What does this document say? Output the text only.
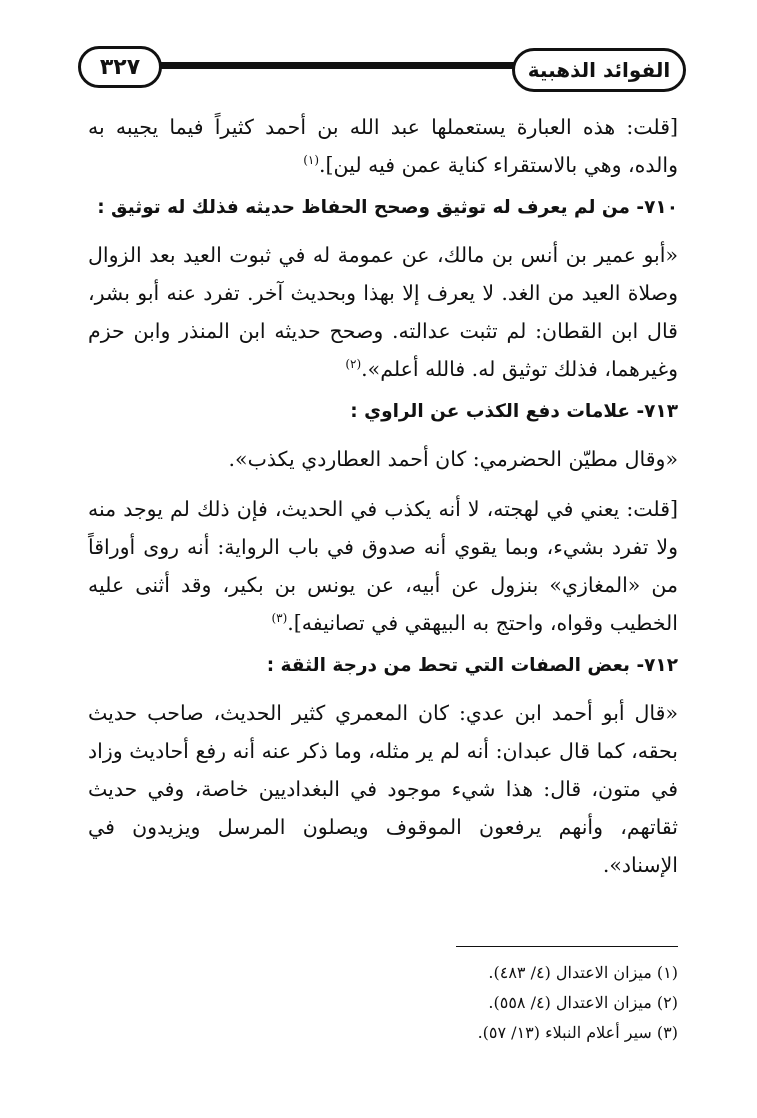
٣٢٧	الفوائد الذهبية

[قلت: هذه العبارة يستعملها عبد الله بن أحمد كثيراً فيما يجيبه به والده، وهي بالاستقراء كناية عمن فيه لين].$^{(١)}$

٧١٠- من لم يعرف له توثيق وصحح الحفاظ حديثه فذلك له توثيق :

«أبو عمير بن أنس بن مالك، عن عمومة له في ثبوت العيد بعد الزوال وصلاة العيد من الغد. لا يعرف إلا بهذا وبحديث آخر. تفرد عنه أبو بشر، قال ابن القطان: لم تثبت عدالته. وصحح حديثه ابن المنذر وابن حزم وغيرهما، فذلك توثيق له. فالله أعلم».$^{(٢)}$

٧١٣- علامات دفع الكذب عن الراوي :

«وقال مطيّن الحضرمي: كان أحمد العطاردي يكذب».

[قلت: يعني في لهجته، لا أنه يكذب في الحديث، فإن ذلك لم يوجد منه ولا تفرد بشيء، وبما يقوي أنه صدوق في باب الرواية: أنه روى أوراقاً من «المغازي» بنزول عن أبيه، عن يونس بن بكير، وقد أثنى عليه الخطيب وقواه، واحتج به البيهقي في تصانيفه].$^{(٣)}$

٧١٢- بعض الصفات التي تحط من درجة الثقة :

«قال أبو أحمد ابن عدي: كان المعمري كثير الحديث، صاحب حديث بحقه، كما قال عبدان: أنه لم ير مثله، وما ذكر عنه أنه رفع أحاديث وزاد في متون، قال: هذا شيء موجود في البغداديين خاصة، وفي حديث ثقاتهم، وأنهم يرفعون الموقوف ويصلون المرسل ويزيدون في الإسناد».

(١) ميزان الاعتدال (٤/ ٤٨٣).
(٢) ميزان الاعتدال (٤/ ٥٥٨).
(٣) سير أعلام النبلاء (١٣/ ٥٧).
